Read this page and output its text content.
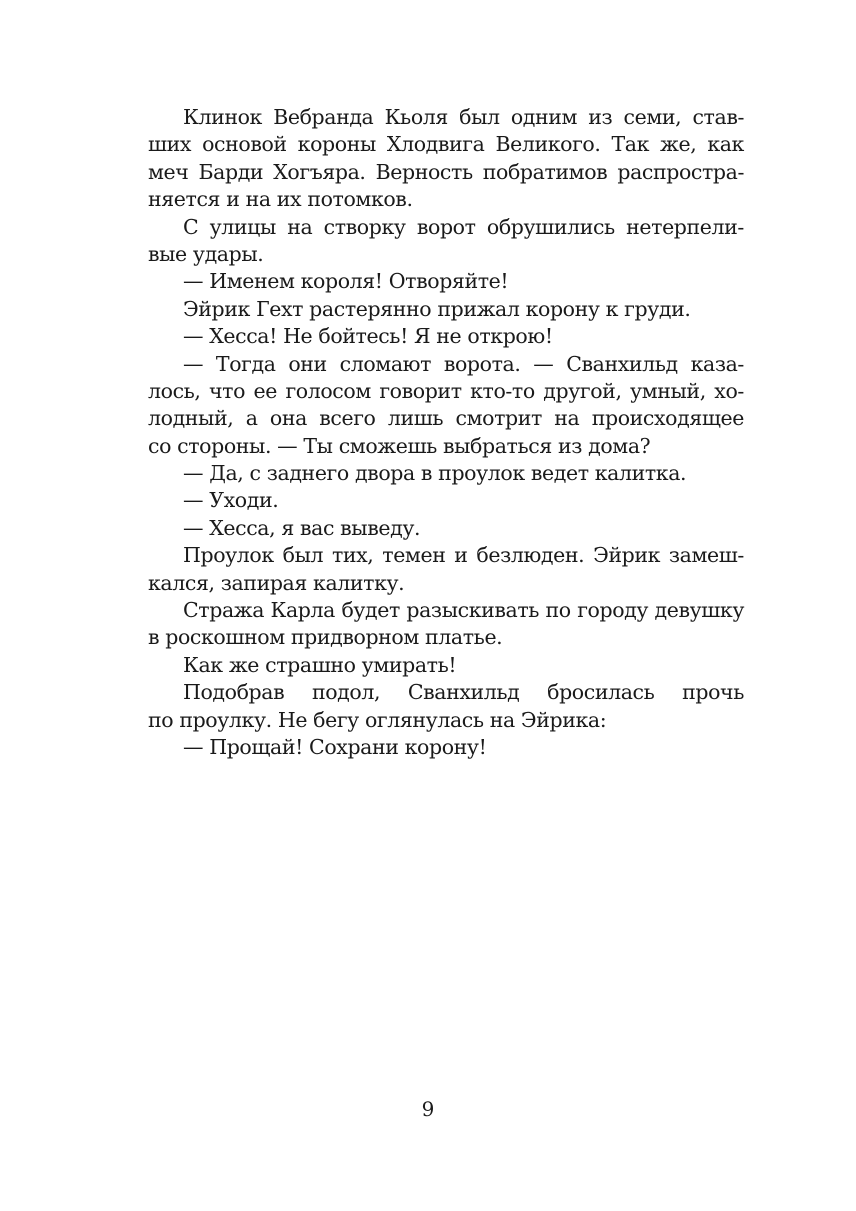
Клинок Вебранда Кьоля был одним из семи, став-
ших основой короны Хлодвига Великого. Так же, как
меч Барди Хогъяра. Верность побратимов распростра-
няется и на их потомков.
С улицы на створку ворот обрушились нетерпели-
вые удары.
— Именем короля! Отворяйте!
Эйрик Гехт растерянно прижал корону к груди.
— Хесса! Не бойтесь! Я не открою!
— Тогда они сломают ворота. — Сванхильд каза-
лось, что ее голосом говорит кто-то другой, умный, хо-
лодный, а она всего лишь смотрит на происходящее
со стороны. — Ты сможешь выбраться из дома?
— Да, с заднего двора в проулок ведет калитка.
— Уходи.
— Хесса, я вас выведу.
Проулок был тих, темен и безлюден. Эйрик замеш-
кался, запирая калитку.
Стража Карла будет разыскивать по городу девушку
в роскошном придворном платье.
Как же страшно умирать!
Подобрав подол, Сванхильд бросилась прочь
по проулку. Не бегу оглянулась на Эйрика:
— Прощай! Сохрани корону!
9
